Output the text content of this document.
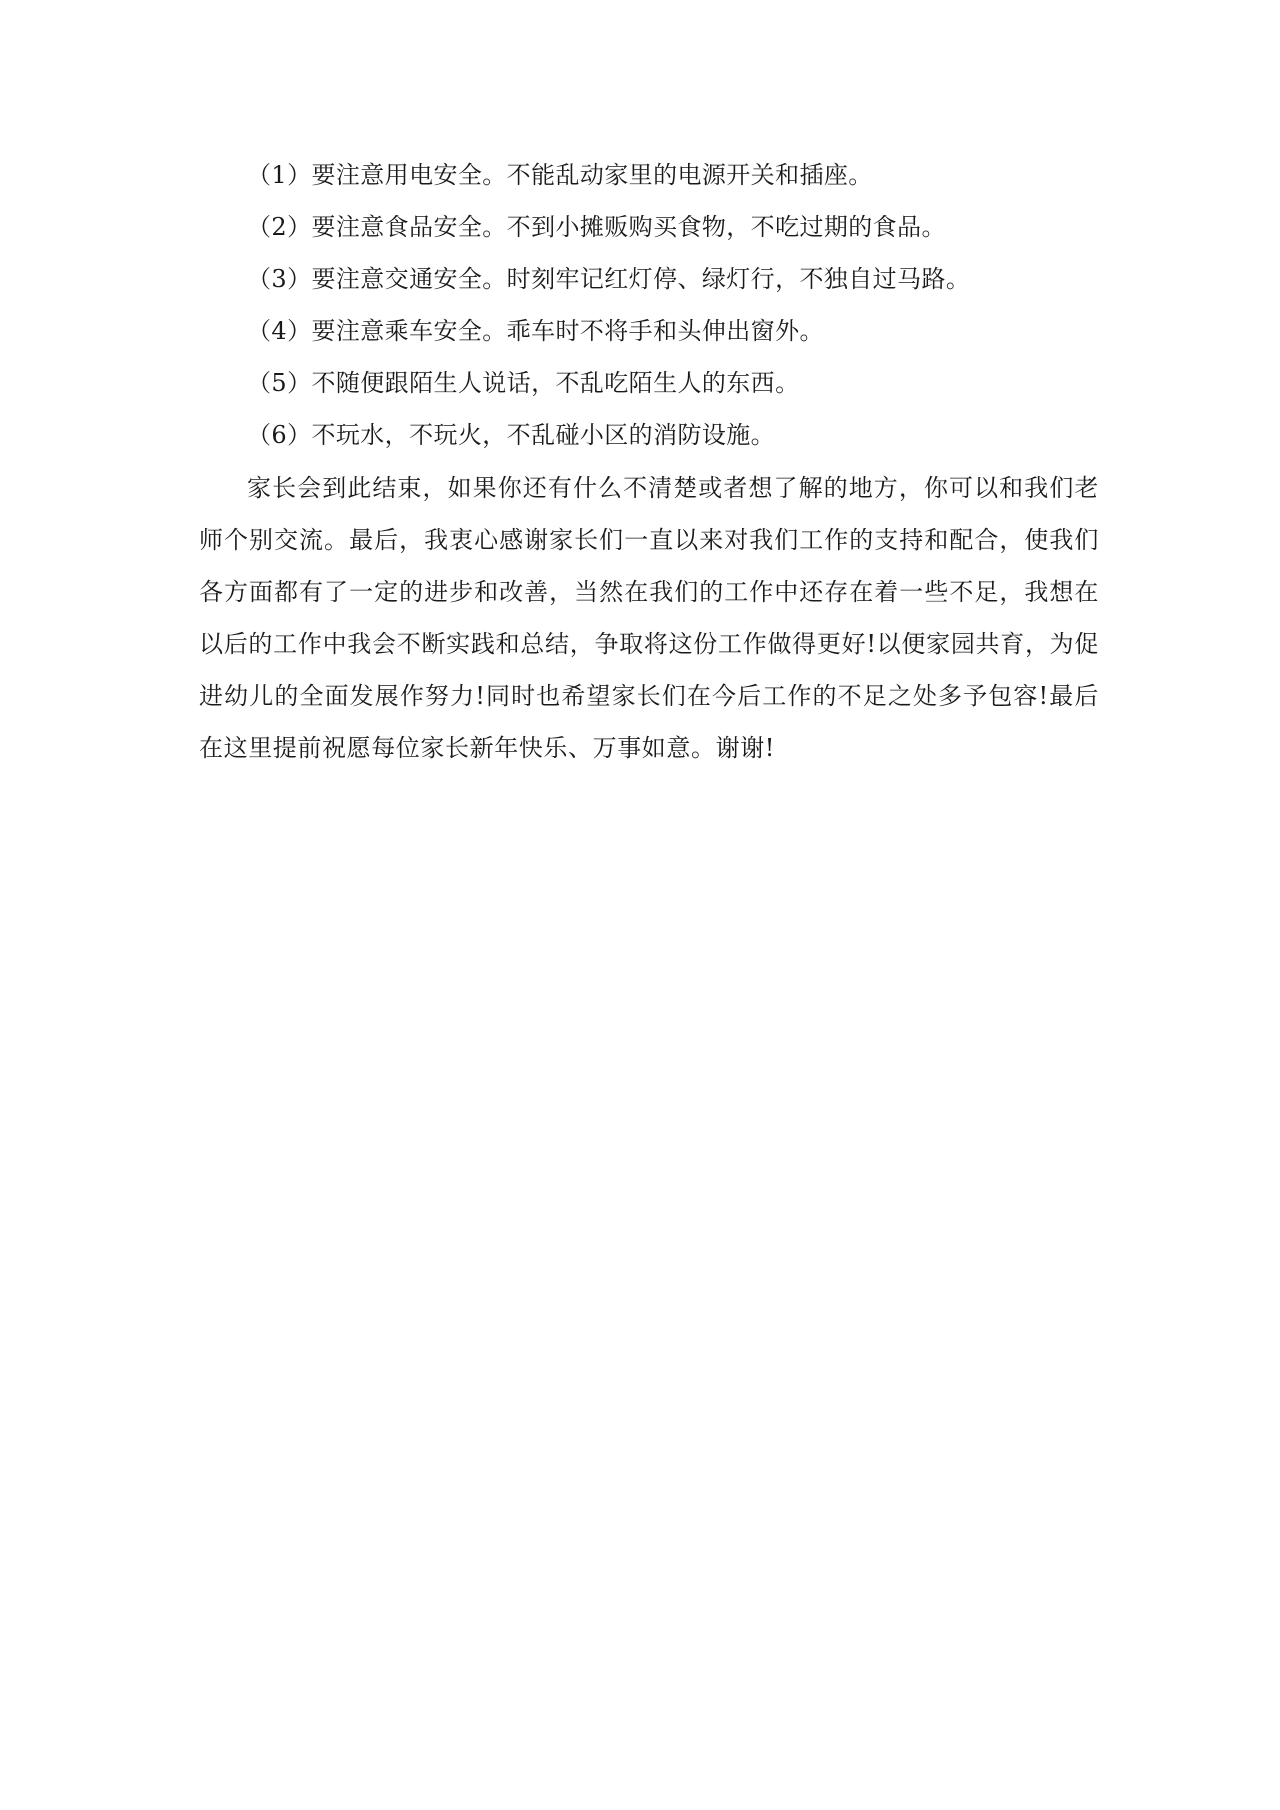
（1）要注意用电安全。不能乱动家里的电源开关和插座。
（2）要注意食品安全。不到小摊贩购买食物，不吃过期的食品。
（3）要注意交通安全。时刻牢记红灯停、绿灯行，不独自过马路。
（4）要注意乘车安全。乖车时不将手和头伸出窗外。
（5）不随便跟陌生人说话，不乱吃陌生人的东西。
（6）不玩水，不玩火，不乱碰小区的消防设施。

家长会到此结束，如果你还有什么不清楚或者想了解的地方，你可以和我们老师个别交流。最后，我衷心感谢家长们一直以来对我们工作的支持和配合，使我们各方面都有了一定的进步和改善，当然在我们的工作中还存在着一些不足，我想在以后的工作中我会不断实践和总结，争取将这份工作做得更好!以便家园共育，为促进幼儿的全面发展作努力!同时也希望家长们在今后工作的不足之处多予包容!最后在这里提前祝愿每位家长新年快乐、万事如意。谢谢!
